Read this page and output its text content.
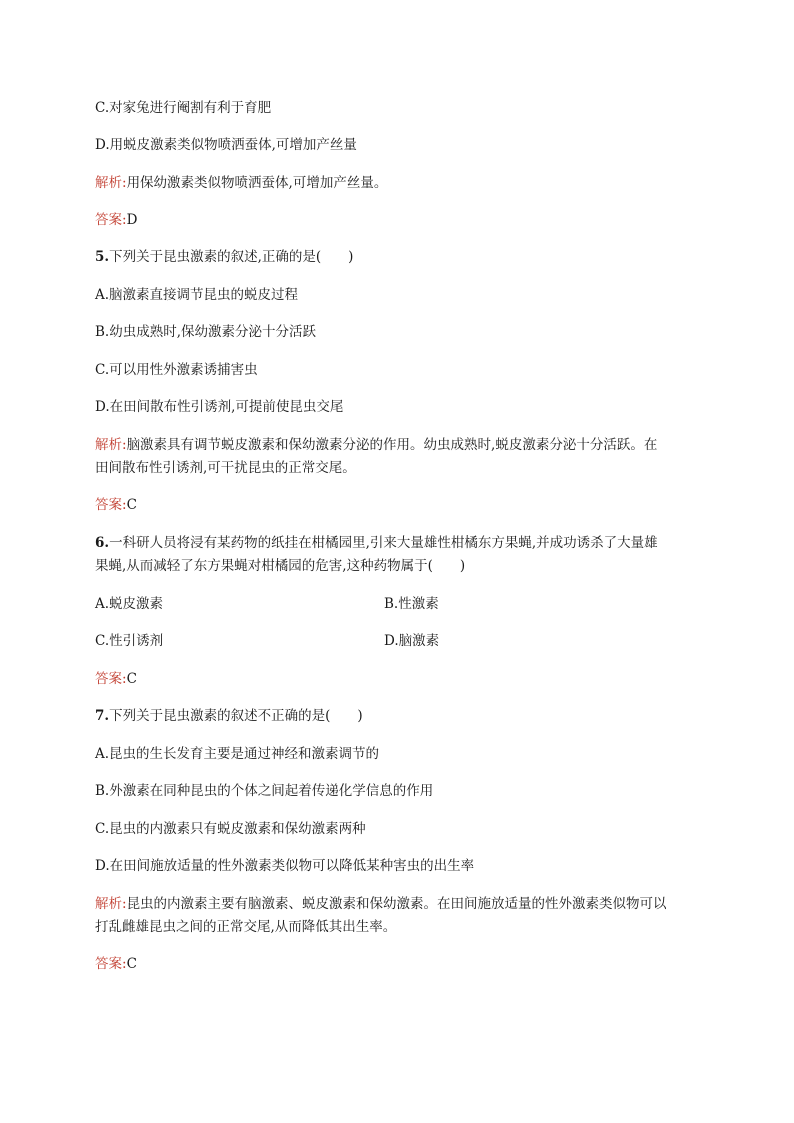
C.对家兔进行阉割有利于育肥

D.用蜕皮激素类似物喷洒蚕体,可增加产丝量

解析:用保幼激素类似物喷洒蚕体,可增加产丝量。

答案:D

5.下列关于昆虫激素的叙述,正确的是(　　)

A.脑激素直接调节昆虫的蜕皮过程

B.幼虫成熟时,保幼激素分泌十分活跃

C.可以用性外激素诱捕害虫

D.在田间散布性引诱剂,可提前使昆虫交尾

解析:脑激素具有调节蜕皮激素和保幼激素分泌的作用。幼虫成熟时,蜕皮激素分泌十分活跃。在

田间散布性引诱剂,可干扰昆虫的正常交尾。

答案:C

6.一科研人员将浸有某药物的纸挂在柑橘园里,引来大量雄性柑橘东方果蝇,并成功诱杀了大量雄

果蝇,从而减轻了东方果蝇对柑橘园的危害,这种药物属于(　　)

A.蜕皮激素	B.性激素

C.性引诱剂	D.脑激素

答案:C

7.下列关于昆虫激素的叙述不正确的是(　　)

A.昆虫的生长发育主要是通过神经和激素调节的

B.外激素在同种昆虫的个体之间起着传递化学信息的作用

C.昆虫的内激素只有蜕皮激素和保幼激素两种

D.在田间施放适量的性外激素类似物可以降低某种害虫的出生率

解析:昆虫的内激素主要有脑激素、蜕皮激素和保幼激素。在田间施放适量的性外激素类似物可以

打乱雌雄昆虫之间的正常交尾,从而降低其出生率。

答案:C
